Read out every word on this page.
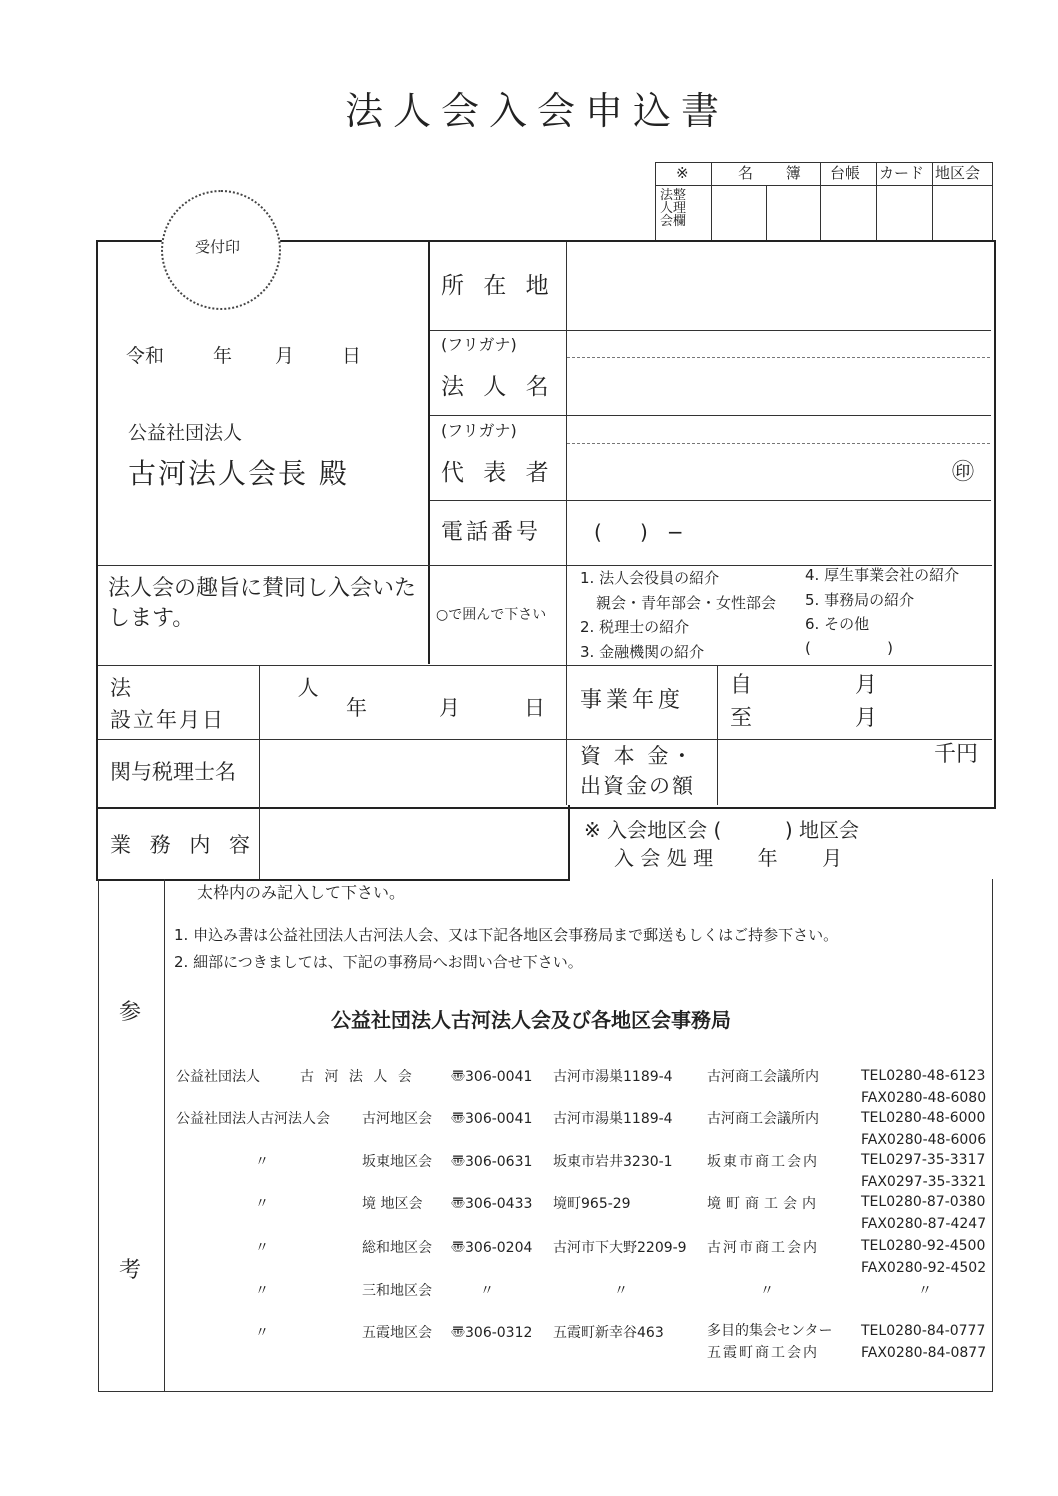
法人会入会申込書
※	名 簿 台帳 カード 地区会
法整人理会欄
受付印
令和	年 月	日
公益社団法人
古河法人会長 殿
所 在 地
(フリガナ)
法 人 名
(フリガナ)
代 表 者	㊞
電話番号	(      )   −
法人会の趣旨に賛同し入会いたします。	○で囲んで下さい
1. 法人会役員の紹介
親会・青年部会・女性部会
2. 税理士の紹介
3. 金融機関の紹介
4. 厚生事業会社の紹介
5. 事務局の紹介
6. その他
(                )
法 人
設立年月日	年	月	日 事業年度
自	月
至	月
関与税理士名
資 本 金・
出資金の額
千円
業 務 内 容
※ 入会地区会 (          ) 地区会
入 会 処 理       年       月
参
考
太枠内のみ記入して下さい。
1. 申込み書は公益社団法人古河法人会、又は下記各地区会事務局まで郵送もしくはご持参下さい。
2. 細部につきましては、下記の事務局へお問い合せ下さい。
公益社団法人古河法人会及び各地区会事務局
公益社団法人	古 河 法 人 会	〠306-0041 古河市湯巣1189-4 古河商工会議所内	TEL0280-48-6123
FAX0280-48-6080
公益社団法人古河法人会 古河地区会 〠306-0041 古河市湯巣1189-4 古河商工会議所内	TEL0280-48-6000
FAX0280-48-6006
〃	坂東地区会 〠306-0631 坂東市岩井3230-1 坂東市商工会内	TEL0297-35-3317
FAX0297-35-3321
〃	境 地区会 〠306-0433 境町965-29	境町商工会内	TEL0280-87-0380
FAX0280-87-4247
〃	総和地区会 〠306-0204 古河市下大野2209-9 古河市商工会内	TEL0280-92-4500
FAX0280-92-4502
〃	三和地区会	〃	〃	〃	〃
〃	五霞地区会 〠306-0312 五霞町新幸谷463	多目的集会センター
五霞町商工会内
TEL0280-84-0777
FAX0280-84-0877
